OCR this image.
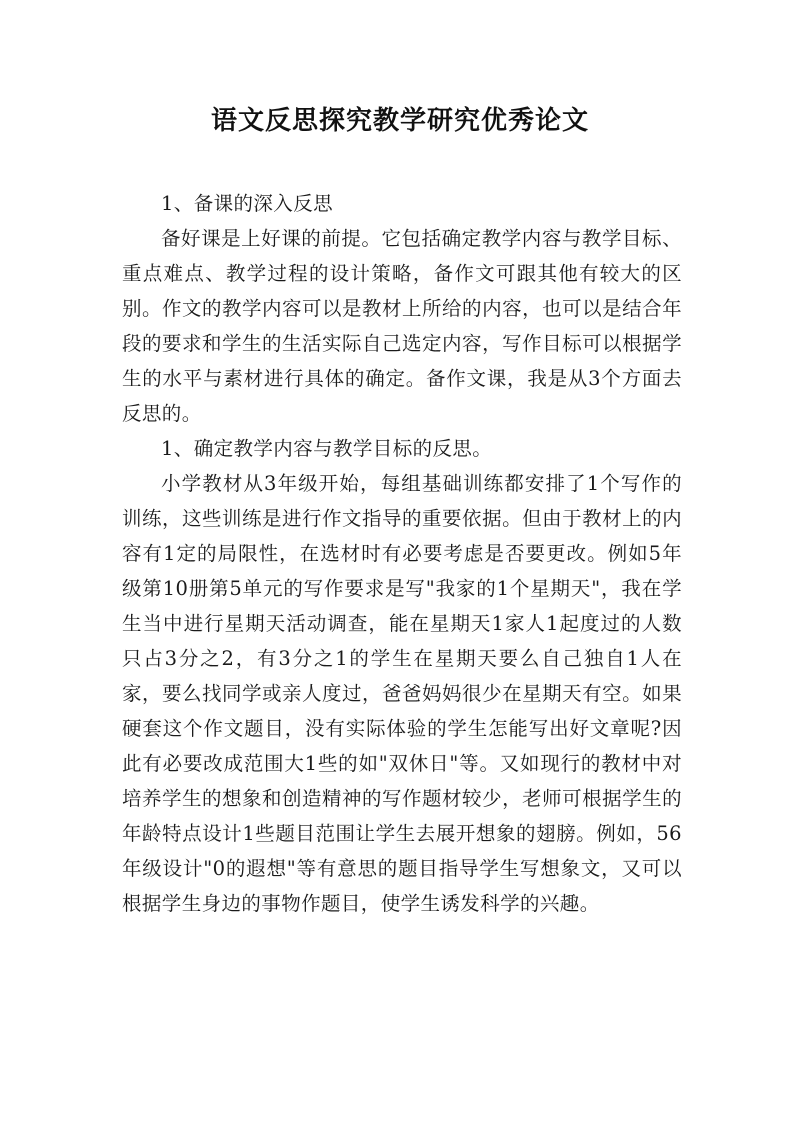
语文反思探究教学研究优秀论文

1、备课的深入反思

备好课是上好课的前提。它包括确定教学内容与教学目标、重点难点、教学过程的设计策略，备作文可跟其他有较大的区别。作文的教学内容可以是教材上所给的内容，也可以是结合年段的要求和学生的生活实际自己选定内容，写作目标可以根据学生的水平与素材进行具体的确定。备作文课，我是从3个方面去反思的。

1、确定教学内容与教学目标的反思。

小学教材从3年级开始，每组基础训练都安排了1个写作的训练，这些训练是进行作文指导的重要依据。但由于教材上的内容有1定的局限性，在选材时有必要考虑是否要更改。例如5年级第10册第5单元的写作要求是写"我家的1个星期天"，我在学生当中进行星期天活动调查，能在星期天1家人1起度过的人数只占3分之2，有3分之1的学生在星期天要么自己独自1人在家，要么找同学或亲人度过，爸爸妈妈很少在星期天有空。如果硬套这个作文题目，没有实际体验的学生怎能写出好文章呢?因此有必要改成范围大1些的如"双休日"等。又如现行的教材中对培养学生的想象和创造精神的写作题材较少，老师可根据学生的年龄特点设计1些题目范围让学生去展开想象的翅膀。例如，56年级设计"0的遐想"等有意思的题目指导学生写想象文，又可以根据学生身边的事物作题目，使学生诱发科学的兴趣。
